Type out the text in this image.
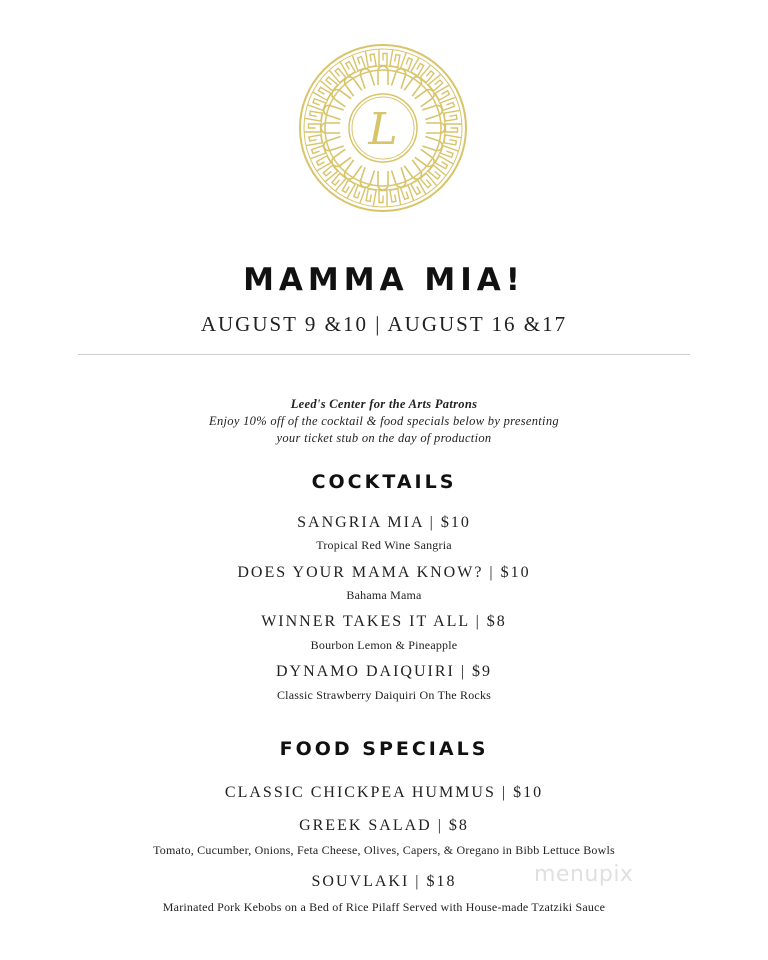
L
MAMMA MIA!
AUGUST 9 &10 | AUGUST 16 &17
Leed's Center for the Arts Patrons
Enjoy 10% off of the cocktail & food specials below by presenting
your ticket stub on the day of production
COCKTAILS
SANGRIA MIA | $10
Tropical Red Wine Sangria
DOES YOUR MAMA KNOW? | $10
Bahama Mama
WINNER TAKES IT ALL | $8
Bourbon Lemon & Pineapple
DYNAMO DAIQUIRI | $9
Classic Strawberry Daiquiri On The Rocks
FOOD SPECIALS
CLASSIC CHICKPEA HUMMUS | $10
GREEK SALAD | $8
Tomato, Cucumber, Onions, Feta Cheese, Olives, Capers, & Oregano in Bibb Lettuce Bowls
SOUVLAKI | $18
Marinated Pork Kebobs on a Bed of Rice Pilaff Served with House-made Tzatziki Sauce
menupix
